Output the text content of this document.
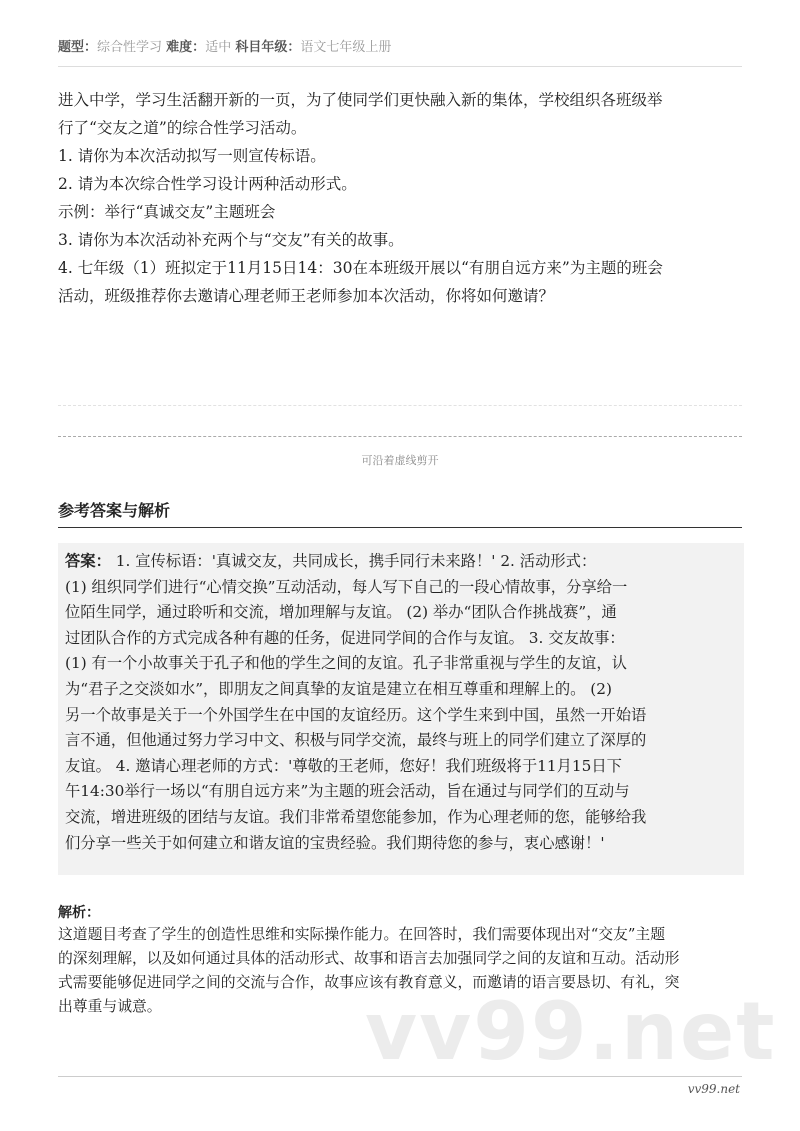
题型：综合性学习 难度：适中 科目年级：语文七年级上册
进入中学，学习生活翻开新的一页，为了使同学们更快融入新的集体，学校组织各班级举
行了“交友之道”的综合性学习活动。
1. 请你为本次活动拟写一则宣传标语。
2. 请为本次综合性学习设计两种活动形式。
示例：举行“真诚交友”主题班会
3. 请你为本次活动补充两个与“交友”有关的故事。
4. 七年级（1）班拟定于11月15日14：30在本班级开展以“有朋自远方来”为主题的班会
活动，班级推荐你去邀请心理老师王老师参加本次活动，你将如何邀请？
可沿着虚线剪开
参考答案与解析
答案： 1. 宣传标语：'真诚交友，共同成长，携手同行未来路！' 2. 活动形式：
(1) 组织同学们进行“心情交换”互动活动，每人写下自己的一段心情故事，分享给一
位陌生同学，通过聆听和交流，增加理解与友谊。 (2) 举办“团队合作挑战赛”，通
过团队合作的方式完成各种有趣的任务，促进同学间的合作与友谊。 3. 交友故事：
(1) 有一个小故事关于孔子和他的学生之间的友谊。孔子非常重视与学生的友谊，认
为“君子之交淡如水”，即朋友之间真挚的友谊是建立在相互尊重和理解上的。 (2)
另一个故事是关于一个外国学生在中国的友谊经历。这个学生来到中国，虽然一开始语
言不通，但他通过努力学习中文、积极与同学交流，最终与班上的同学们建立了深厚的
友谊。 4. 邀请心理老师的方式：'尊敬的王老师，您好！我们班级将于11月15日下
午14:30举行一场以“有朋自远方来”为主题的班会活动，旨在通过与同学们的互动与
交流，增进班级的团结与友谊。我们非常希望您能参加，作为心理老师的您，能够给我
们分享一些关于如何建立和谐友谊的宝贵经验。我们期待您的参与，衷心感谢！'
vv99.net
解析：
这道题目考查了学生的创造性思维和实际操作能力。在回答时，我们需要体现出对“交友”主题
的深刻理解，以及如何通过具体的活动形式、故事和语言去加强同学之间的友谊和互动。活动形
式需要能够促进同学之间的交流与合作，故事应该有教育意义，而邀请的语言要恳切、有礼，突
出尊重与诚意。
vv99.net
